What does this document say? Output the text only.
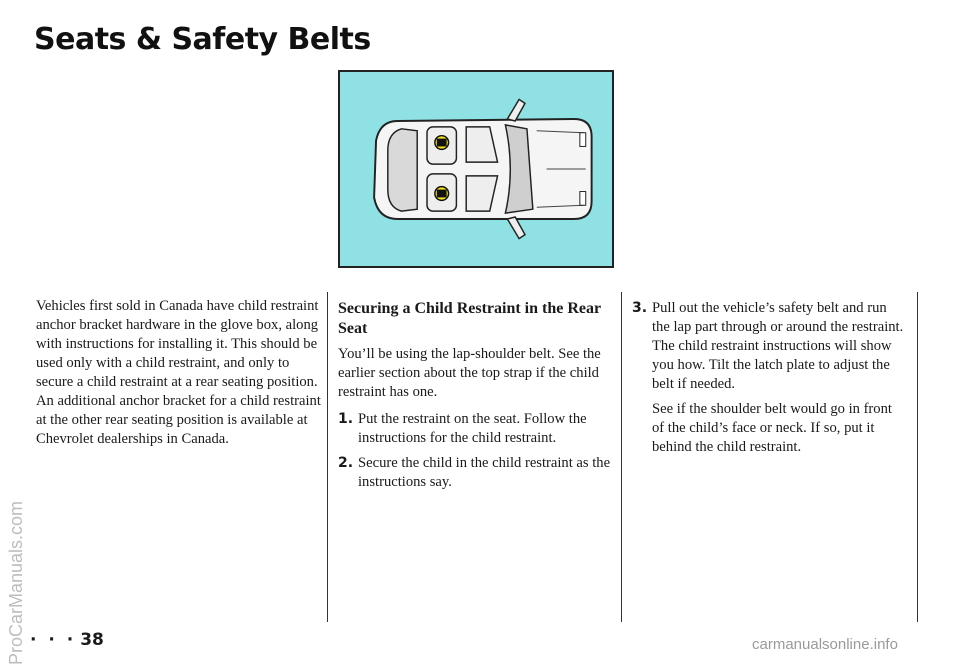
Seats & Safety Belts

Vehicles first sold in Canada have child restraint anchor bracket hardware in the glove box, along with instructions for installing it. This should be used only with a child restraint, and only to secure a child restraint at a rear seating position. An additional anchor bracket for a child restraint at the other rear seating position is available at Chevrolet dealerships in Canada.

Securing a Child Restraint in the Rear Seat

You’ll be using the lap-shoulder belt. See the earlier section about the top strap if the child restraint has one.

1. Put the restraint on the seat. Follow the instructions for the child restraint.
2. Secure the child in the child restraint as the instructions say.
3. Pull out the vehicle’s safety belt and run the lap part through or around the restraint. The child restraint instructions will show you how. Tilt the latch plate to adjust the belt if needed.

See if the shoulder belt would go in front of the child’s face or neck. If so, put it behind the child restraint.

· · · 38
ProCarManuals.com	carmanualsonline.info
